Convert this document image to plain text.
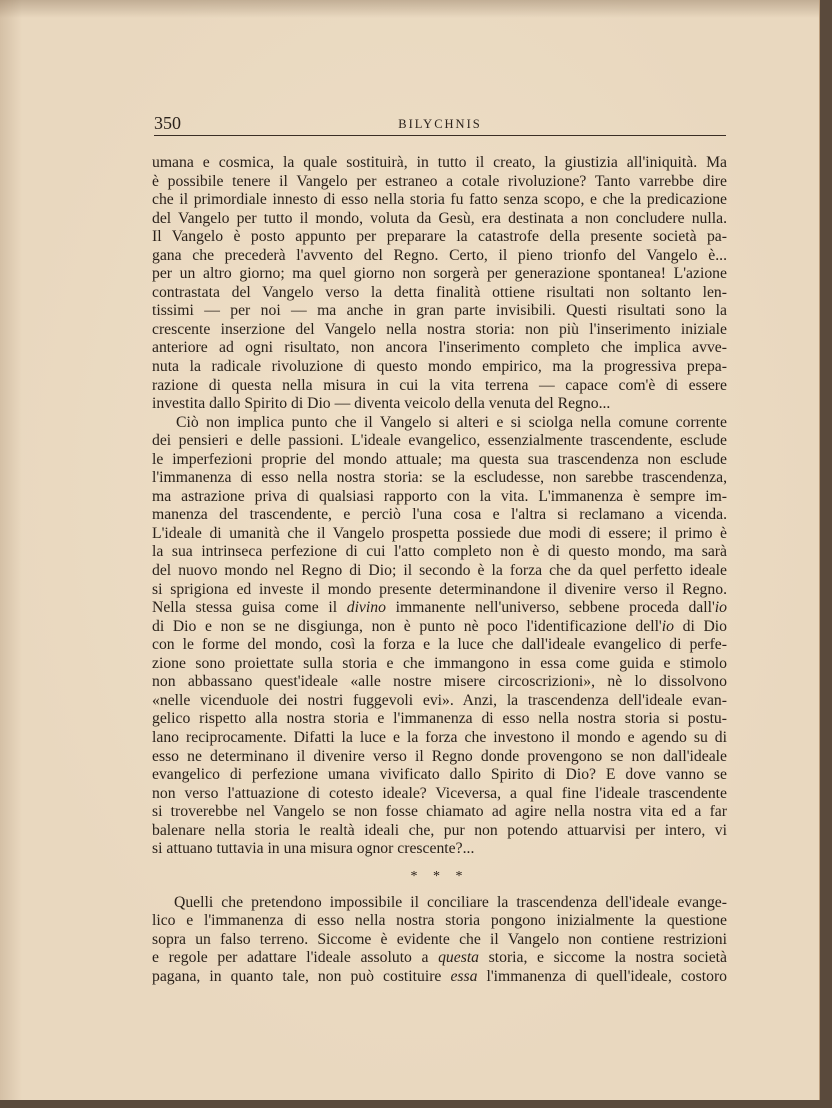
350	BILYCHNIS
umana e cosmica, la quale sostituirà, in tutto il creato, la giustizia all'iniquità. Ma
è possibile tenere il Vangelo per estraneo a cotale rivoluzione? Tanto varrebbe dire
che il primordiale innesto di esso nella storia fu fatto senza scopo, e che la predicazione
del Vangelo per tutto il mondo, voluta da Gesù, era destinata a non concludere nulla.
Il Vangelo è posto appunto per preparare la catastrofe della presente società pa-
gana che precederà l'avvento del Regno. Certo, il pieno trionfo del Vangelo è...
per un altro giorno; ma quel giorno non sorgerà per generazione spontanea! L'azione
contrastata del Vangelo verso la detta finalità ottiene risultati non soltanto len-
tissimi — per noi — ma anche in gran parte invisibili. Questi risultati sono la
crescente inserzione del Vangelo nella nostra storia: non più l'inserimento iniziale
anteriore ad ogni risultato, non ancora l'inserimento completo che implica avve-
nuta la radicale rivoluzione di questo mondo empirico, ma la progressiva prepa-
razione di questa nella misura in cui la vita terrena — capace com'è di essere
investita dallo Spirito di Dio — diventa veicolo della venuta del Regno...
Ciò non implica punto che il Vangelo si alteri e si sciolga nella comune corrente
dei pensieri e delle passioni. L'ideale evangelico, essenzialmente trascendente, esclude
le imperfezioni proprie del mondo attuale; ma questa sua trascendenza non esclude
l'immanenza di esso nella nostra storia: se la escludesse, non sarebbe trascendenza,
ma astrazione priva di qualsiasi rapporto con la vita. L'immanenza è sempre im-
manenza del trascendente, e perciò l'una cosa e l'altra si reclamano a vicenda.
L'ideale di umanità che il Vangelo prospetta possiede due modi di essere; il primo è
la sua intrinseca perfezione di cui l'atto completo non è di questo mondo, ma sarà
del nuovo mondo nel Regno di Dio; il secondo è la forza che da quel perfetto ideale
si sprigiona ed investe il mondo presente determinandone il divenire verso il Regno.
Nella stessa guisa come il divino immanente nell'universo, sebbene proceda dall'io
di Dio e non se ne disgiunga, non è punto nè poco l'identificazione dell'io di Dio
con le forme del mondo, così la forza e la luce che dall'ideale evangelico di perfe-
zione sono proiettate sulla storia e che immangono in essa come guida e stimolo
non abbassano quest'ideale «alle nostre misere circoscrizioni», nè lo dissolvono
«nelle vicenduole dei nostri fuggevoli evi». Anzi, la trascendenza dell'ideale evan-
gelico rispetto alla nostra storia e l'immanenza di esso nella nostra storia si postu-
lano reciprocamente. Difatti la luce e la forza che investono il mondo e agendo su di
esso ne determinano il divenire verso il Regno donde provengono se non dall'ideale
evangelico di perfezione umana vivificato dallo Spirito di Dio? E dove vanno se
non verso l'attuazione di cotesto ideale? Viceversa, a qual fine l'ideale trascendente
si troverebbe nel Vangelo se non fosse chiamato ad agire nella nostra vita ed a far
balenare nella storia le realtà ideali che, pur non potendo attuarvisi per intero, vi
si attuano tuttavia in una misura ognor crescente?...
* * *
Quelli che pretendono impossibile il conciliare la trascendenza dell'ideale evange-
lico e l'immanenza di esso nella nostra storia pongono inizialmente la questione
sopra un falso terreno. Siccome è evidente che il Vangelo non contiene restrizioni
e regole per adattare l'ideale assoluto a questa storia, e siccome la nostra società
pagana, in quanto tale, non può costituire essa l'immanenza di quell'ideale, costoro
